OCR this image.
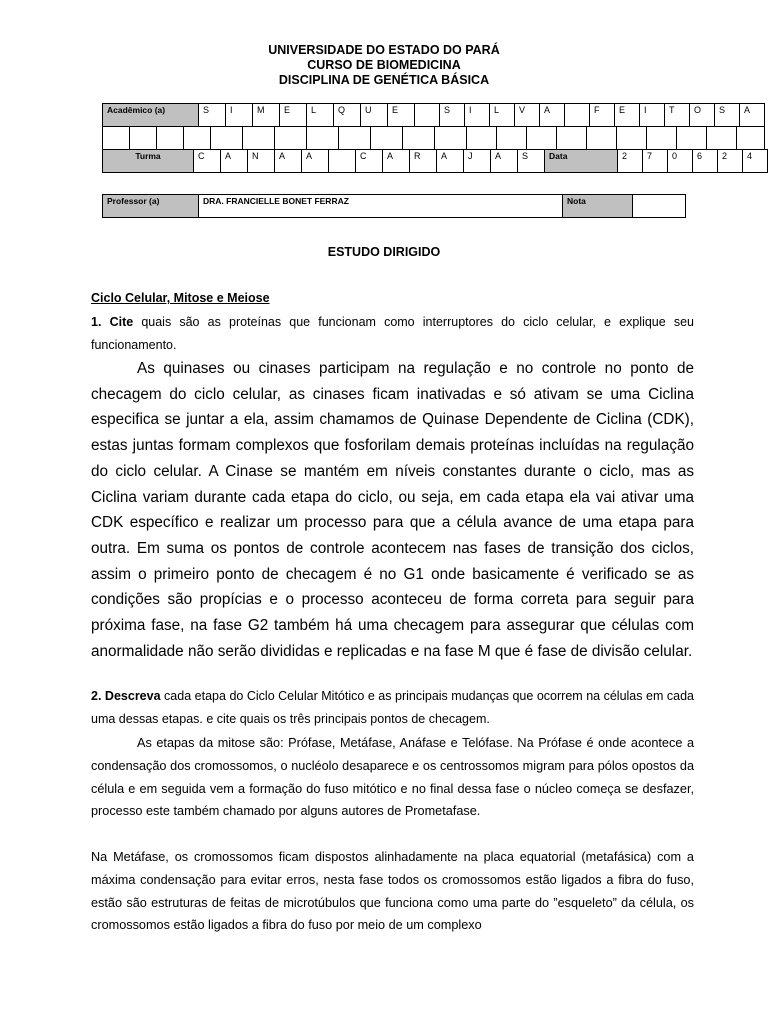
UNIVERSIDADE DO ESTADO DO PARÁ
CURSO DE BIOMEDICINA
DISCIPLINA DE GENÉTICA BÁSICA
Acadêmico (a)	S	I	M	E	L	Q	U	E		S	I	L	V	A		F	E	I	T	O	S	A

Turma	C	A	N	A	A		C	A	R	A	J	A	S	Data	2	7	0	6	2	4
Professor (a)	DRA. FRANCIELLE BONET FERRAZ	Nota	
ESTUDO DIRIGIDO
Ciclo Celular, Mitose e Meiose
1. Cite quais são as proteínas que funcionam como interruptores do ciclo celular, e explique seu funcionamento.
As quinases ou cinases participam na regulação e no controle no ponto de checagem do ciclo celular, as cinases ficam inativadas e só ativam se uma Ciclina especifica se juntar a ela, assim chamamos de Quinase Dependente de Ciclina (CDK), estas juntas formam complexos que fosforilam demais proteínas incluídas na regulação do ciclo celular. A Cinase se mantém em níveis constantes durante o ciclo, mas as Ciclina variam durante cada etapa do ciclo, ou seja, em cada etapa ela vai ativar uma CDK específico e realizar um processo para que a célula avance de uma etapa para outra. Em suma os pontos de controle acontecem nas fases de transição dos ciclos, assim o primeiro ponto de checagem é no G1 onde basicamente é verificado se as condições são propícias e o processo aconteceu de forma correta para seguir para próxima fase, na fase G2 também há uma checagem para assegurar que células com anormalidade não serão divididas e replicadas e na fase M que é fase de divisão celular.
2. Descreva cada etapa do Ciclo Celular Mitótico e as principais mudanças que ocorrem na células em cada uma dessas etapas. e cite quais os três principais pontos de checagem.
As etapas da mitose são: Prófase, Metáfase, Anáfase e Telófase. Na Prófase é onde acontece a condensação dos cromossomos, o nucléolo desaparece e os centrossomos migram para pólos opostos da célula e em seguida vem a formação do fuso mitótico e no final dessa fase o núcleo começa se desfazer, processo este também chamado por alguns autores de Prometafase.
Na Metáfase, os cromossomos ficam dispostos alinhadamente na placa equatorial (metafásica) com a máxima condensação para evitar erros, nesta fase todos os cromossomos estão ligados a fibra do fuso, estão são estruturas de feitas de microtúbulos que funciona como uma parte do ”esqueleto” da célula, os cromossomos estão ligados a fibra do fuso por meio de um complexo
